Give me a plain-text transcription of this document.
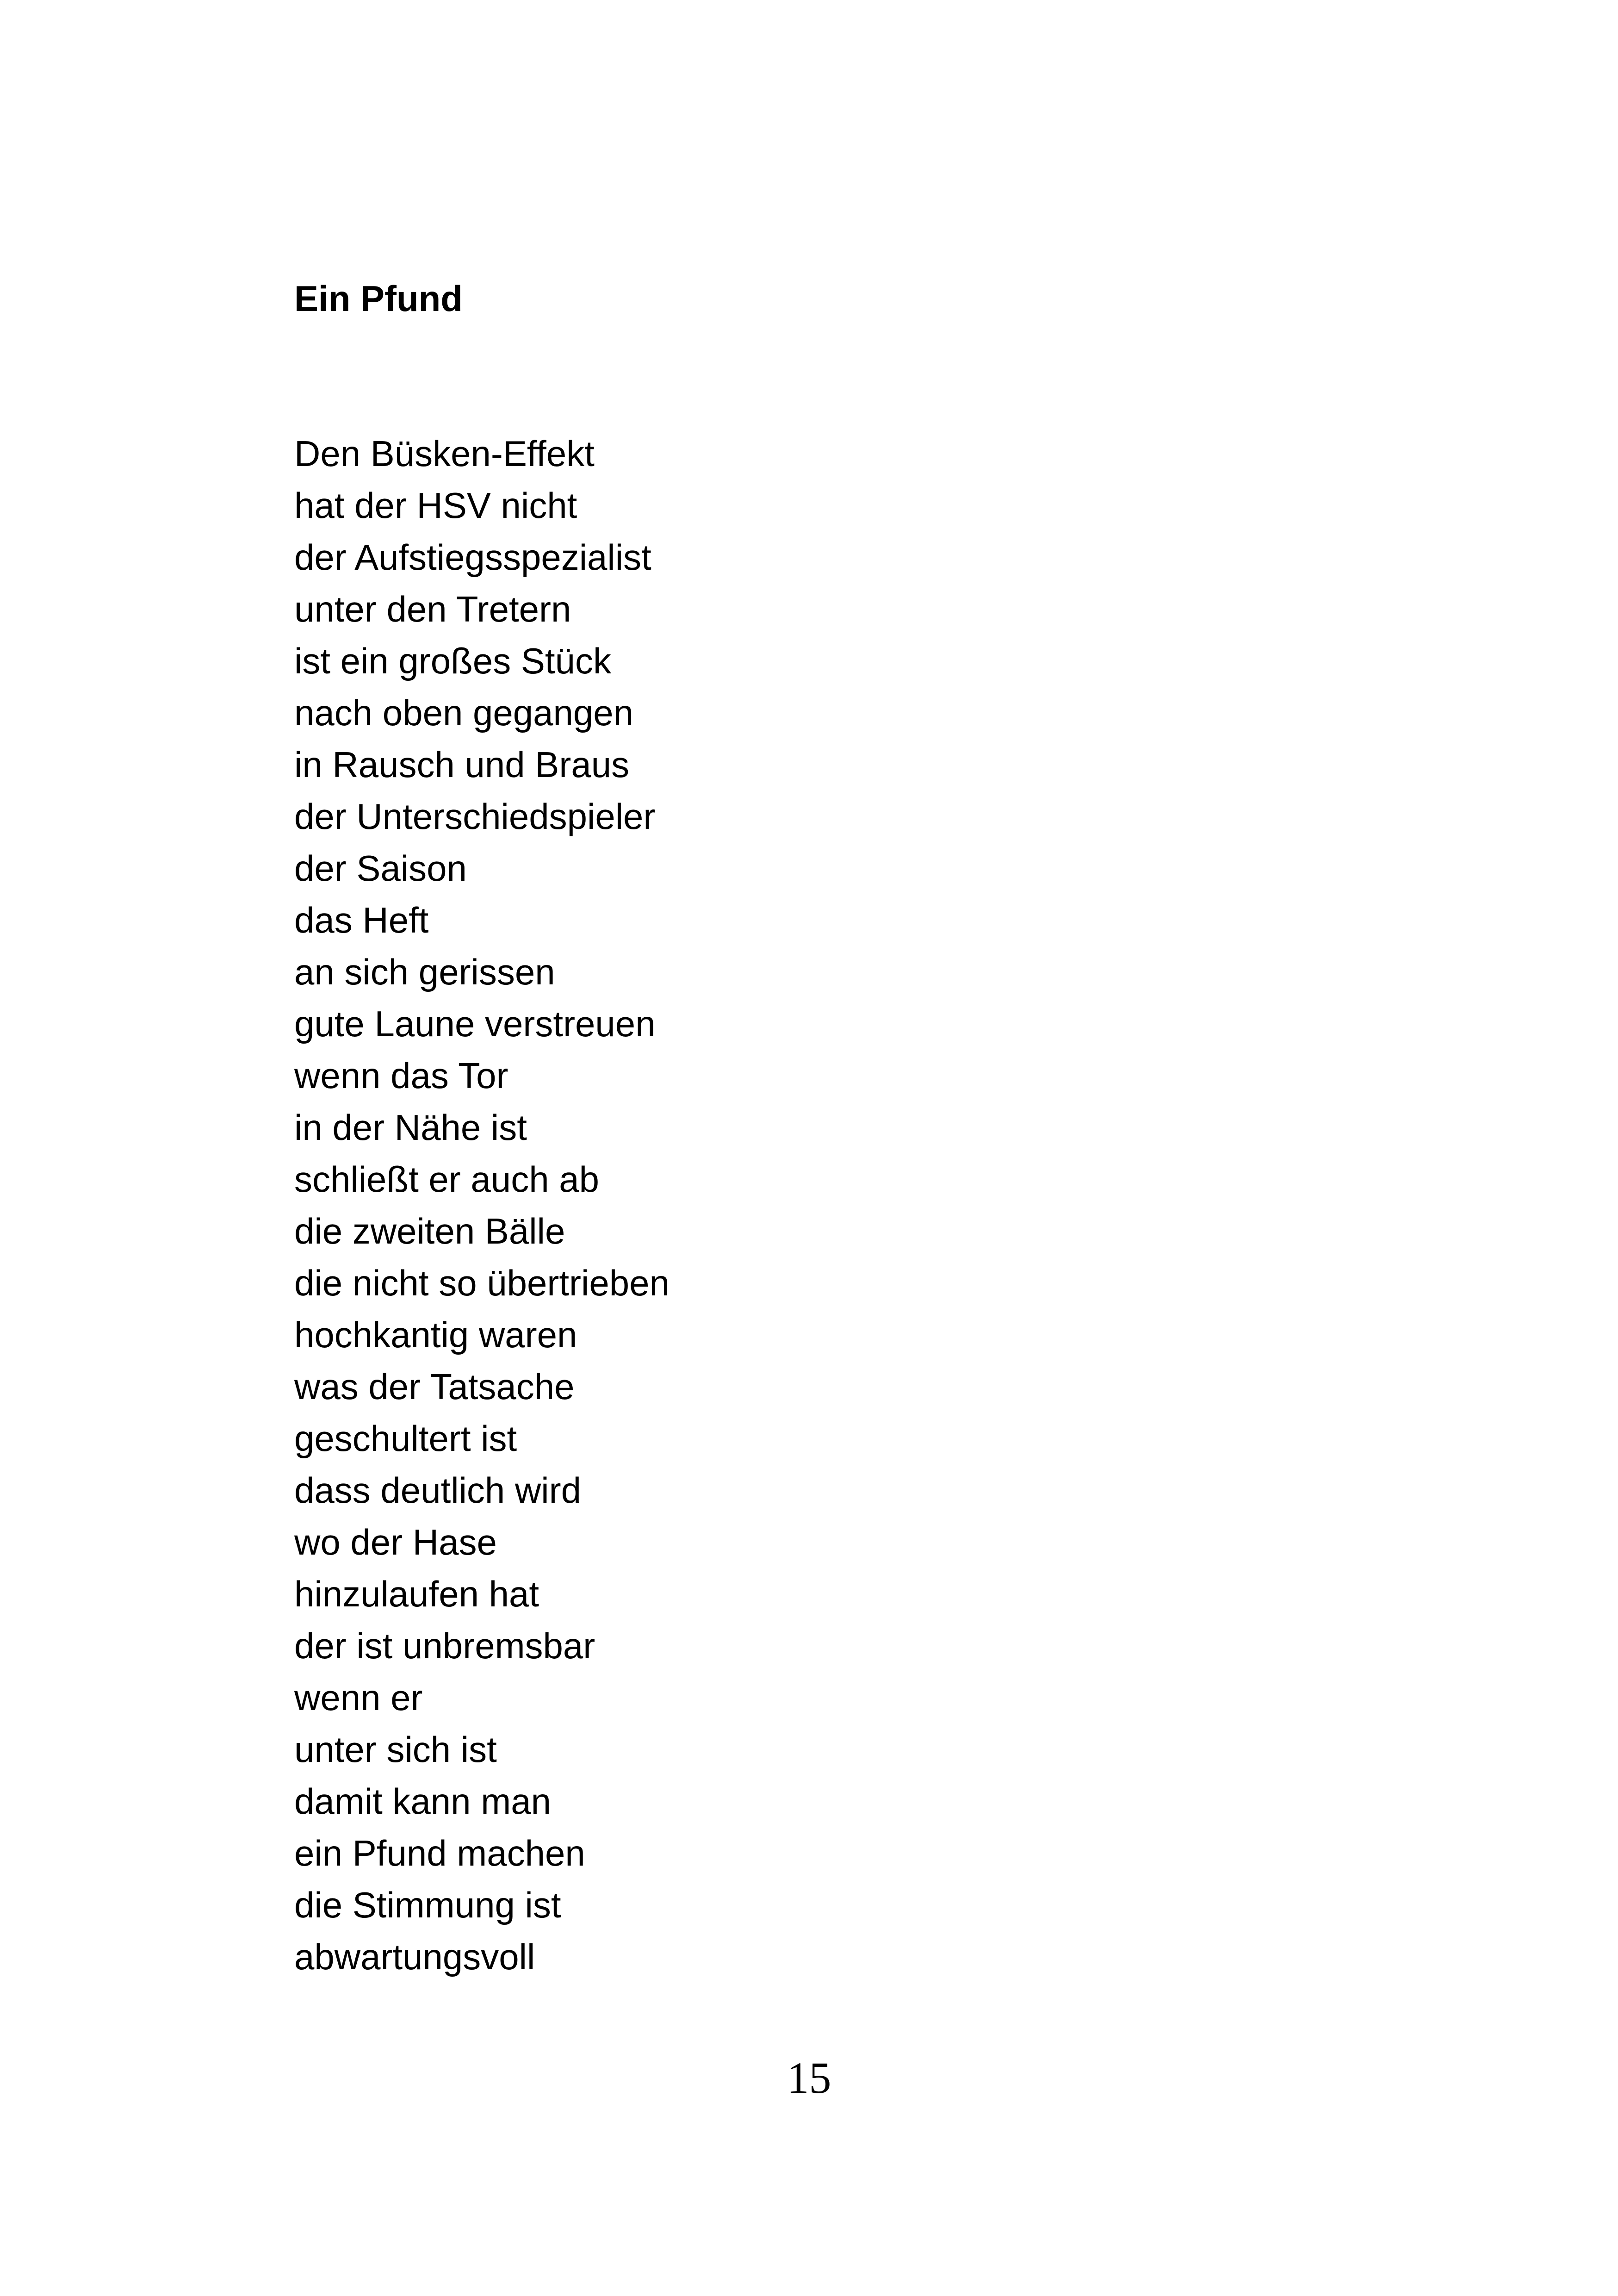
Ein Pfund
Den Büsken-Effekt
hat der HSV nicht
der Aufstiegsspezialist
unter den Tretern
ist ein großes Stück
nach oben gegangen
in Rausch und Braus
der Unterschiedspieler
der Saison
das Heft
an sich gerissen
gute Laune verstreuen
wenn das Tor
in der Nähe ist
schließt er auch ab
die zweiten Bälle
die nicht so übertrieben
hochkantig waren
was der Tatsache
geschultert ist
dass deutlich wird
wo der Hase
hinzulaufen hat
der ist unbremsbar
wenn er
unter sich ist
damit kann man
ein Pfund machen
die Stimmung ist
abwartungsvoll
15
